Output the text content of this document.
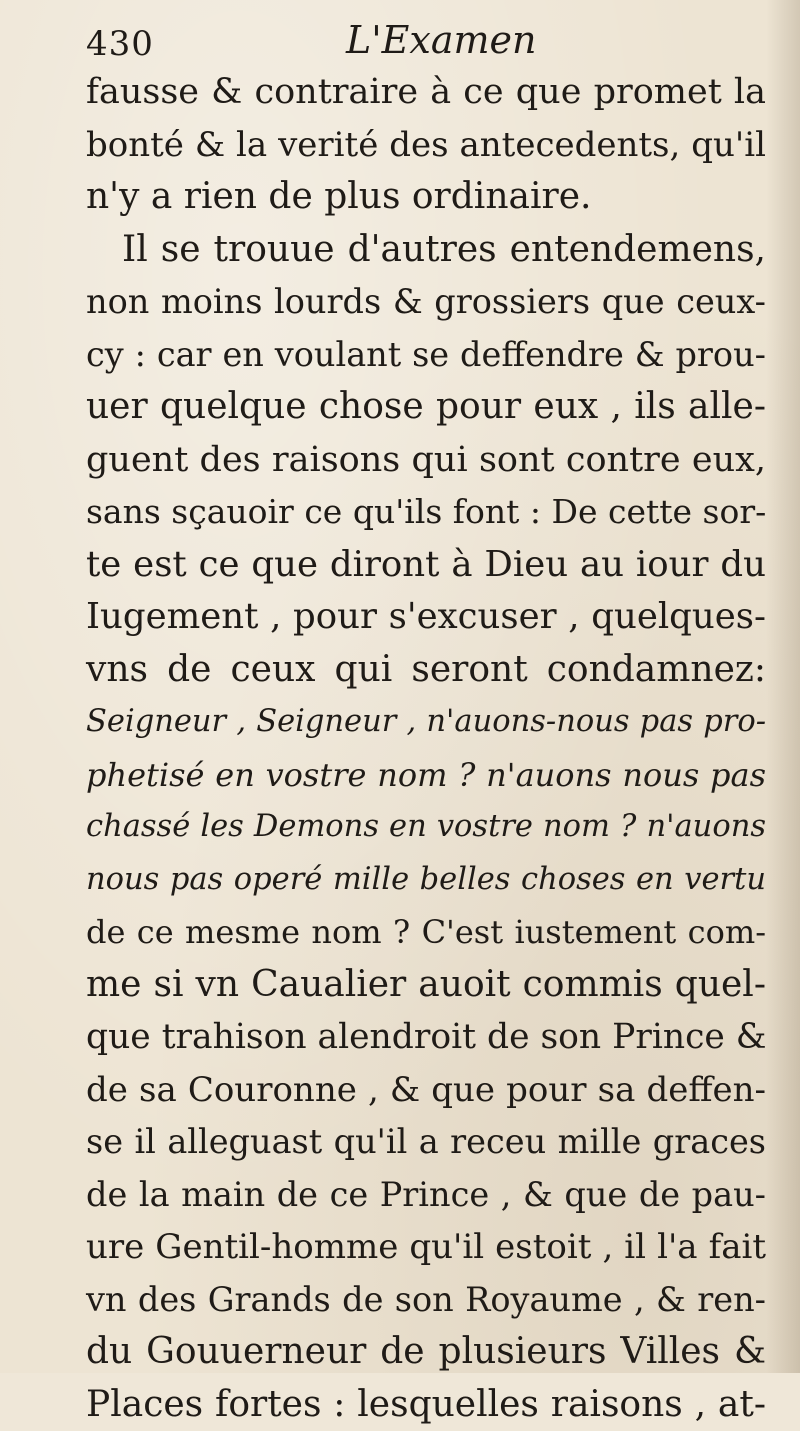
430	L'Examen
fausse & contraire à ce que promet la
bonté & la verité des antecedents, qu'il
n'y a rien de plus ordinaire.
Il se trouue d'autres entendemens,
non moins lourds & grossiers que ceux-
cy : car en voulant se deffendre & prou-
uer quelque chose pour eux , ils alle-
guent des raisons qui sont contre eux,
sans sçauoir ce qu'ils font : De cette sor-
te est ce que diront à Dieu au iour du
Iugement , pour s'excuser , quelques-
vns de ceux qui seront condamnez:
Seigneur , Seigneur , n'auons-nous pas pro-
phetisé en vostre nom ? n'auons nous pas
chassé les Demons en vostre nom ? n'auons
nous pas operé mille belles choses en vertu
de ce mesme nom ? C'est iustement com-
me si vn Caualier auoit commis quel-
que trahison alendroit de son Prince &
de sa Couronne , & que pour sa deffen-
se il alleguast qu'il a receu mille graces
de la main de ce Prince , & que de pau-
ure Gentil-homme qu'il estoit , il l'a fait
vn des Grands de son Royaume , & ren-
du Gouuerneur de plusieurs Villes &
Places fortes : lesquelles raisons , at-
